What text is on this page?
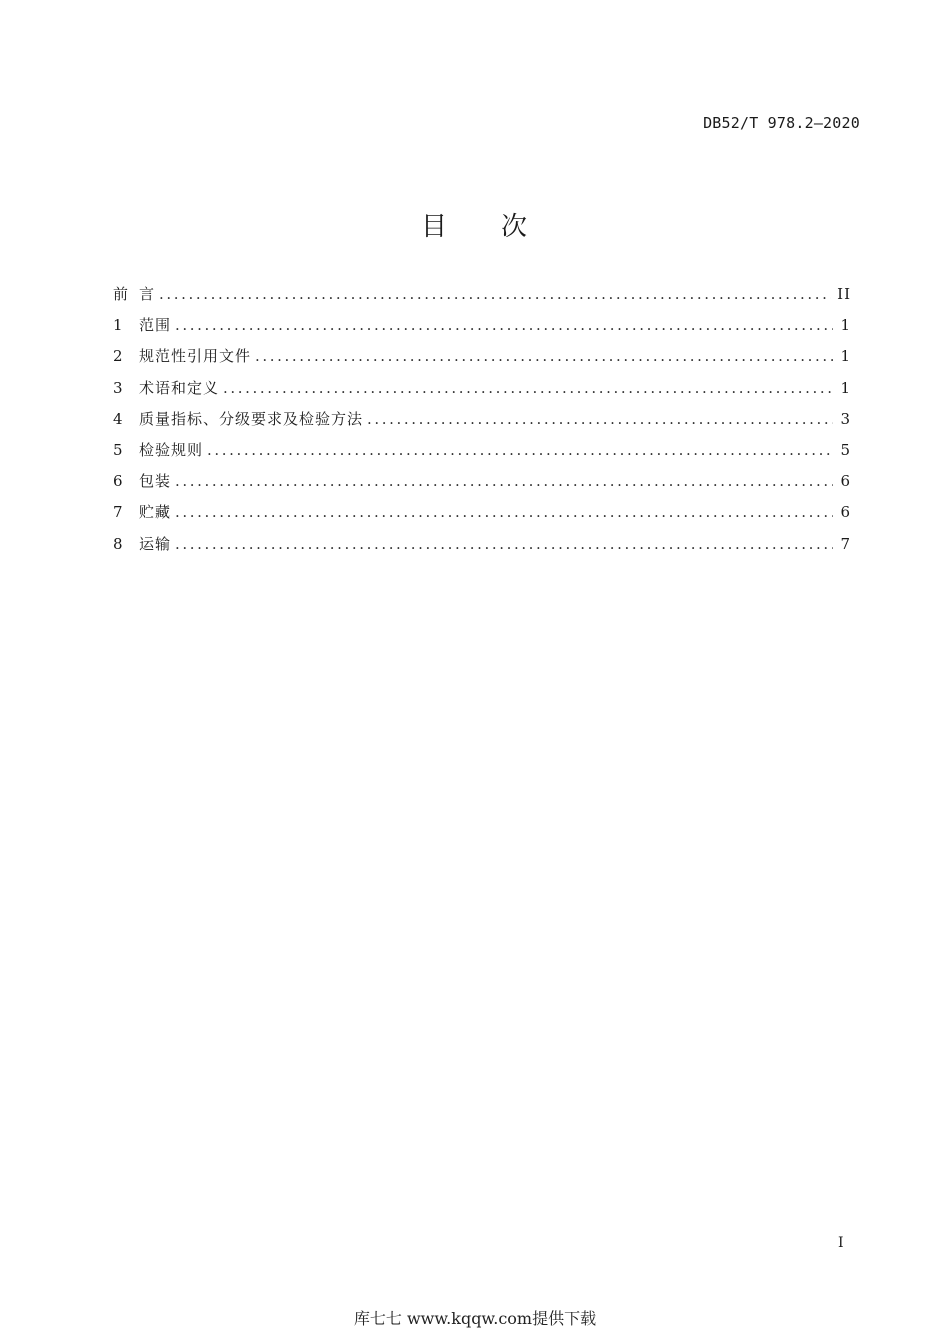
DB52/T 978.2—2020
目 次
前 言 .....	II
1	范围 .....	1
2	规范性引用文件 .....	1
3	术语和定义 .....	1
4	质量指标、分级要求及检验方法 .....	3
5	检验规则 .....	5
6	包装 .....	6
7	贮藏 .....	6
8	运输 .....	7
I
库七七 www.kqqw.com提供下载
